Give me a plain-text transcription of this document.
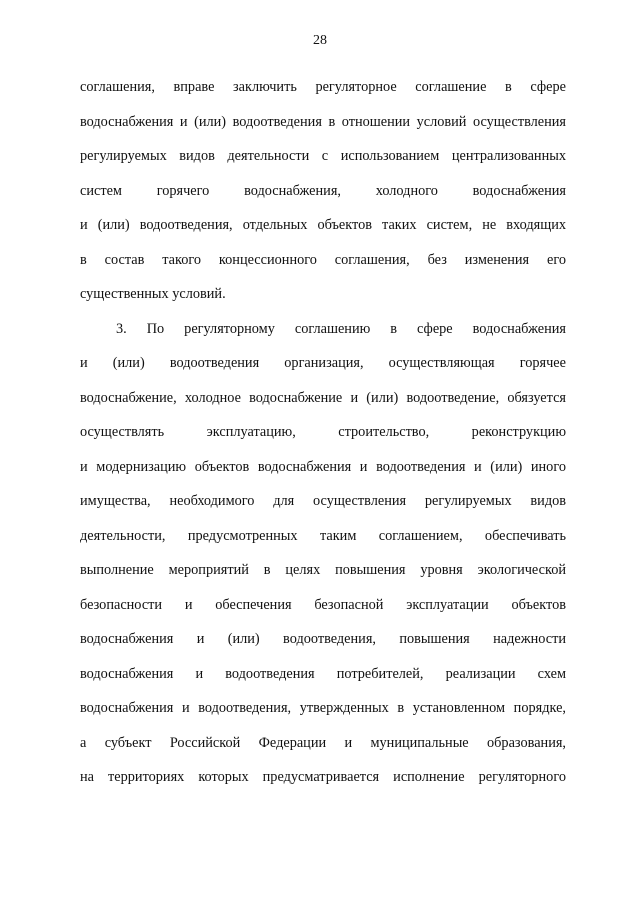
28
соглашения, вправе заключить регуляторное соглашение в сфере
водоснабжения и (или) водоотведения в отношении условий осуществления
регулируемых видов деятельности с использованием централизованных
систем горячего водоснабжения, холодного водоснабжения
и (или) водоотведения, отдельных объектов таких систем, не входящих
в состав такого концессионного соглашения, без изменения его
существенных условий.
3. По регуляторному соглашению в сфере водоснабжения
и (или) водоотведения организация, осуществляющая горячее
водоснабжение, холодное водоснабжение и (или) водоотведение, обязуется
осуществлять эксплуатацию, строительство, реконструкцию
и модернизацию объектов водоснабжения и водоотведения и (или) иного
имущества, необходимого для осуществления регулируемых видов
деятельности, предусмотренных таким соглашением, обеспечивать
выполнение мероприятий в целях повышения уровня экологической
безопасности и обеспечения безопасной эксплуатации объектов
водоснабжения и (или) водоотведения, повышения надежности
водоснабжения и водоотведения потребителей, реализации схем
водоснабжения и водоотведения, утвержденных в установленном порядке,
а субъект Российской Федерации и муниципальные образования,
на территориях которых предусматривается исполнение регуляторного
